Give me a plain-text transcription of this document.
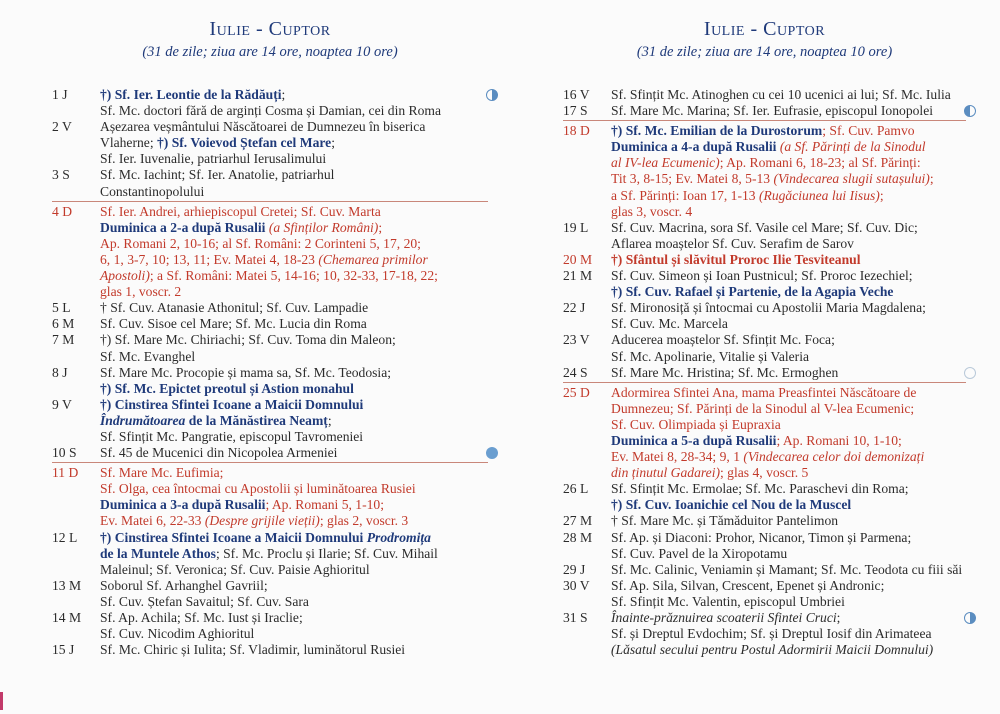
Iulie - Cuptor
(31 de zile; ziua are 14 ore, noaptea 10 ore)
1 J	†) Sf. Ier. Leontie de la Rădăuți;
Sf. Mc. doctori fără de arginți Cosma și Damian, cei din Roma
2 V	Așezarea veșmântului Născătoarei de Dumnezeu în biserica
Vlaherne; †) Sf. Voievod Ștefan cel Mare;
Sf. Ier. Iuvenalie, patriarhul Ierusalimului
3 S	Sf. Mc. Iachint; Sf. Ier. Anatolie, patriarhul
Constantinopolului
4 D	Sf. Ier. Andrei, arhiepiscopul Cretei; Sf. Cuv. Marta
Duminica a 2-a după Rusalii (a Sfinților Români);
Ap. Romani 2, 10-16; al Sf. Români: 2 Corinteni 5, 17, 20;
6, 1, 3-7, 10; 13, 11; Ev. Matei 4, 18-23 (Chemarea primilor
Apostoli); a Sf. Români: Matei 5, 14-16; 10, 32-33, 17-18, 22;
glas 1, voscr. 2
5 L	† Sf. Cuv. Atanasie Athonitul; Sf. Cuv. Lampadie
6 M	Sf. Cuv. Sisoe cel Mare; Sf. Mc. Lucia din Roma
7 M	†) Sf. Mare Mc. Chiriachi; Sf. Cuv. Toma din Maleon;
Sf. Mc. Evanghel
8 J	Sf. Mare Mc. Procopie și mama sa, Sf. Mc. Teodosia;
†) Sf. Mc. Epictet preotul și Astion monahul
9 V	†) Cinstirea Sfintei Icoane a Maicii Domnului
Îndrumătoarea de la Mănăstirea Neamț;
Sf. Sfințit Mc. Pangratie, episcopul Tavromeniei
10 S	Sf. 45 de Mucenici din Nicopolea Armeniei
11 D	Sf. Mare Mc. Eufimia;
Sf. Olga, cea întocmai cu Apostolii și luminătoarea Rusiei
Duminica a 3-a după Rusalii; Ap. Romani 5, 1-10;
Ev. Matei 6, 22-33 (Despre grijile vieții); glas 2, voscr. 3
12 L	†) Cinstirea Sfintei Icoane a Maicii Domnului Prodromița
de la Muntele Athos; Sf. Mc. Proclu și Ilarie; Sf. Cuv. Mihail
Maleinul; Sf. Veronica; Sf. Cuv. Paisie Aghioritul
13 M	Soborul Sf. Arhanghel Gavriil;
Sf. Cuv. Ștefan Savaitul; Sf. Cuv. Sara
14 M	Sf. Ap. Achila; Sf. Mc. Iust și Iraclie;
Sf. Cuv. Nicodim Aghioritul
15 J	Sf. Mc. Chiric și Iulita; Sf. Vladimir, luminătorul Rusiei
Iulie - Cuptor
(31 de zile; ziua are 14 ore, noaptea 10 ore)
16 V	Sf. Sfințit Mc. Atinoghen cu cei 10 ucenici ai lui; Sf. Mc. Iulia
17 S	Sf. Mare Mc. Marina; Sf. Ier. Eufrasie, episcopul Ionopolei
18 D	†) Sf. Mc. Emilian de la Durostorum; Sf. Cuv. Pamvo
Duminica a 4-a după Rusalii (a Sf. Părinți de la Sinodul
al IV-lea Ecumenic); Ap. Romani 6, 18-23; al Sf. Părinți:
Tit 3, 8-15; Ev. Matei 8, 5-13 (Vindecarea slugii sutașului);
a Sf. Părinți: Ioan 17, 1-13 (Rugăciunea lui Iisus);
glas 3, voscr. 4
19 L	Sf. Cuv. Macrina, sora Sf. Vasile cel Mare; Sf. Cuv. Dic;
Aflarea moaștelor Sf. Cuv. Serafim de Sarov
20 M	†) Sfântul și slăvitul Proroc Ilie Tesviteanul
21 M	Sf. Cuv. Simeon și Ioan Pustnicul; Sf. Proroc Iezechiel;
†) Sf. Cuv. Rafael și Partenie, de la Agapia Veche
22 J	Sf. Mironosiță și întocmai cu Apostolii Maria Magdalena;
Sf. Cuv. Mc. Marcela
23 V	Aducerea moaștelor Sf. Sfințit Mc. Foca;
Sf. Mc. Apolinarie, Vitalie și Valeria
24 S	Sf. Mare Mc. Hristina; Sf. Mc. Ermoghen
25 D	Adormirea Sfintei Ana, mama Preasfintei Născătoare de
Dumnezeu; Sf. Părinți de la Sinodul al V-lea Ecumenic;
Sf. Cuv. Olimpiada și Eupraxia
Duminica a 5-a după Rusalii; Ap. Romani 10, 1-10;
Ev. Matei 8, 28-34; 9, 1 (Vindecarea celor doi demonizați
din ținutul Gadarei); glas 4, voscr. 5
26 L	Sf. Sfințit Mc. Ermolae; Sf. Mc. Paraschevi din Roma;
†) Sf. Cuv. Ioanichie cel Nou de la Muscel
27 M	† Sf. Mare Mc. și Tămăduitor Pantelimon
28 M	Sf. Ap. și Diaconi: Prohor, Nicanor, Timon și Parmena;
Sf. Cuv. Pavel de la Xiropotamu
29 J	Sf. Mc. Calinic, Veniamin și Mamant; Sf. Mc. Teodota cu fiii săi
30 V	Sf. Ap. Sila, Silvan, Crescent, Epenet și Andronic;
Sf. Sfințit Mc. Valentin, episcopul Umbriei
31 S	Înainte-prăznuirea scoaterii Sfintei Cruci;
Sf. și Dreptul Evdochim; Sf. și Dreptul Iosif din Arimateea
(Lăsatul secului pentru Postul Adormirii Maicii Domnului)
